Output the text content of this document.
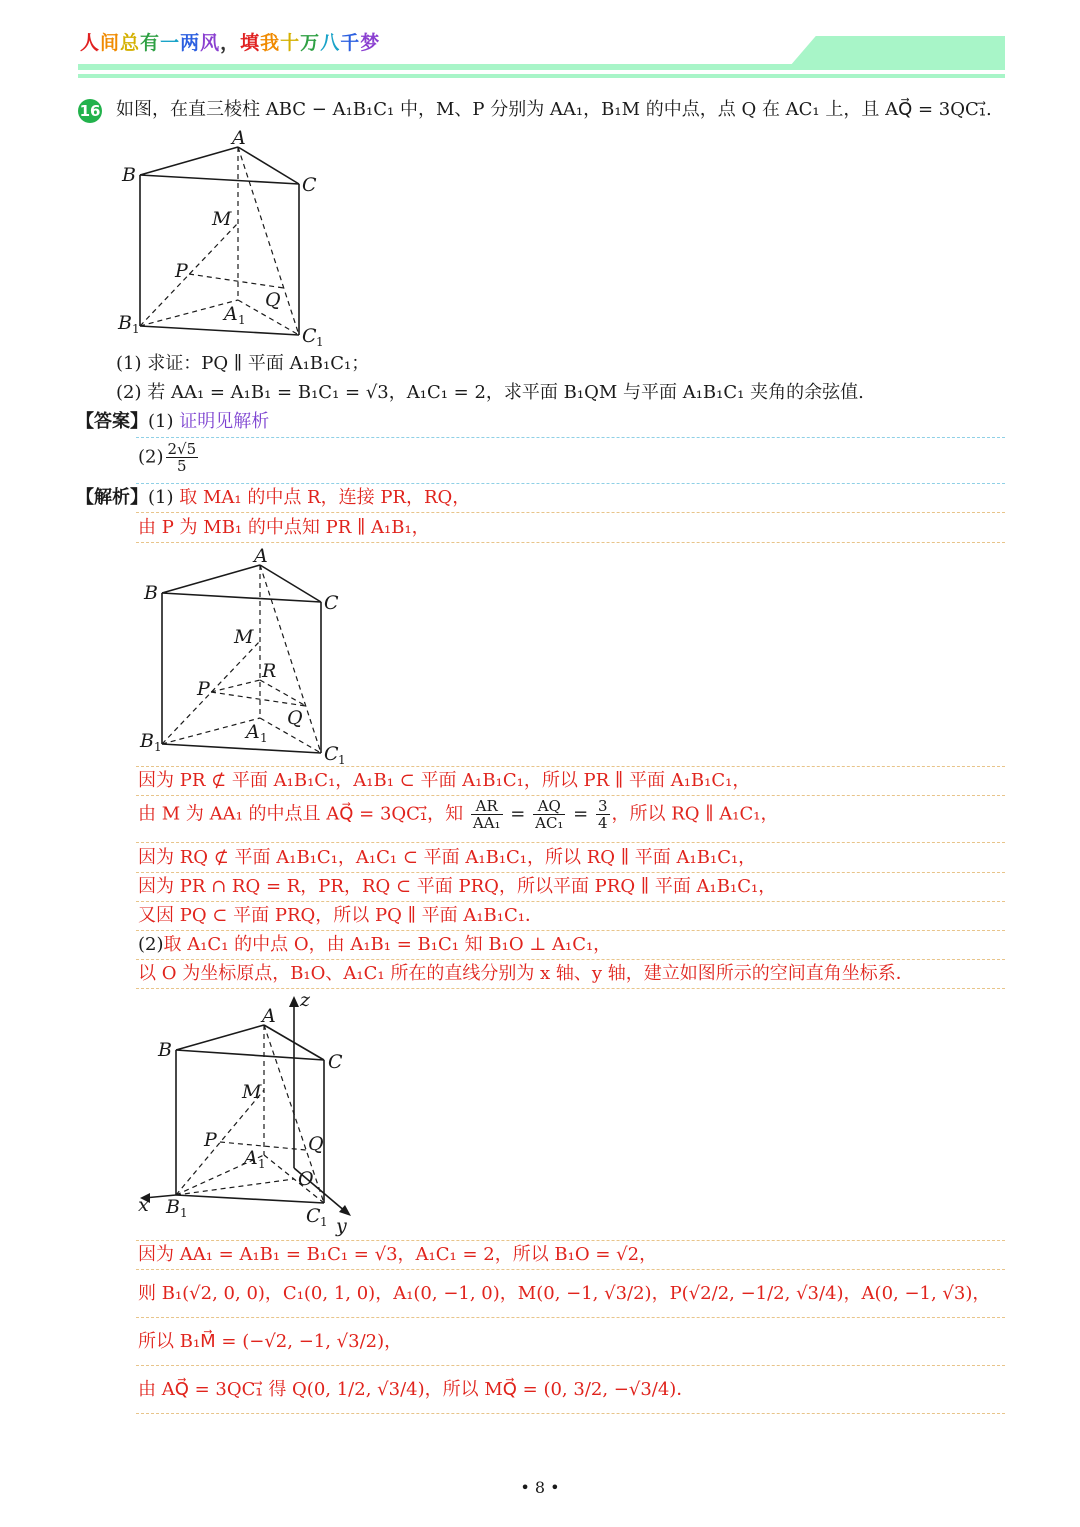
人间总有一两风，填我十万八千梦
16 如图，在直三棱柱 ABC − A₁B₁C₁ 中，M、P 分别为 AA₁，B₁M 的中点，点 Q 在 AC₁ 上，且 AQ⃗ = 3QC₁⃗.
A
B	C
M
P
Q
A 1
B 1	C 1
(1) 求证：PQ ∥ 平面 A₁B₁C₁；
(2) 若 AA₁ = A₁B₁ = B₁C₁ = √3，A₁C₁ = 2，求平面 B₁QM 与平面 A₁B₁C₁ 夹角的余弦值.
【答案】(1) 证明见解析
$(2) \frac{2√5}{5}$
【解析】(1) 取 MA₁ 的中点 R，连接 PR，RQ，
由 P 为 MB₁ 的中点知 PR ∥ A₁B₁，
A
B	C
M
R
P
Q
A 1
B 1	C 1
因为 PR ⊄ 平面 A₁B₁C₁，A₁B₁ ⊂ 平面 A₁B₁C₁，所以 PR ∥ 平面 A₁B₁C₁，
由 M 为 AA₁ 的中点且 AQ⃗ = 3QC₁⃗，知 $\frac{AR}{\text{AA₁}} = \frac{AQ}{\text{AC₁}} = \frac{3}{4}$ ，所以 RQ ∥ A₁C₁，
因为 RQ ⊄ 平面 A₁B₁C₁，A₁C₁ ⊂ 平面 A₁B₁C₁，所以 RQ ∥ 平面 A₁B₁C₁，
因为 PR ∩ RQ = R，PR，RQ ⊂ 平面 PRQ，所以平面 PRQ ∥ 平面 A₁B₁C₁，
又因 PQ ⊂ 平面 PRQ，所以 PQ ∥ 平面 A₁B₁C₁．
(2)取 A₁C₁ 的中点 O，由 A₁B₁ = B₁C₁ 知 B₁O ⊥ A₁C₁，
以 O 为坐标原点，B₁O、A₁C₁ 所在的直线分别为 x 轴、y 轴，建立如图所示的空间直角坐标系．
z
A
B
C
M
P	Q
A 1
O
x B 1	C 1 y
因为 AA₁ = A₁B₁ = B₁C₁ = √3，A₁C₁ = 2，所以 B₁O = √2，
则 B₁(√2, 0, 0)，C₁(0, 1, 0)，A₁(0, −1, 0)，M(0, −1, √3/2)，P(√2/2, −1/2, √3/4)，A(0, −1, √3)，
所以 B₁M⃗ = (−√2, −1, √3/2)，
由 AQ⃗ = 3QC₁⃗ 得 Q(0, 1/2, √3/4)，所以 MQ⃗ = (0, 3/2, −√3/4)．
• 8 •
